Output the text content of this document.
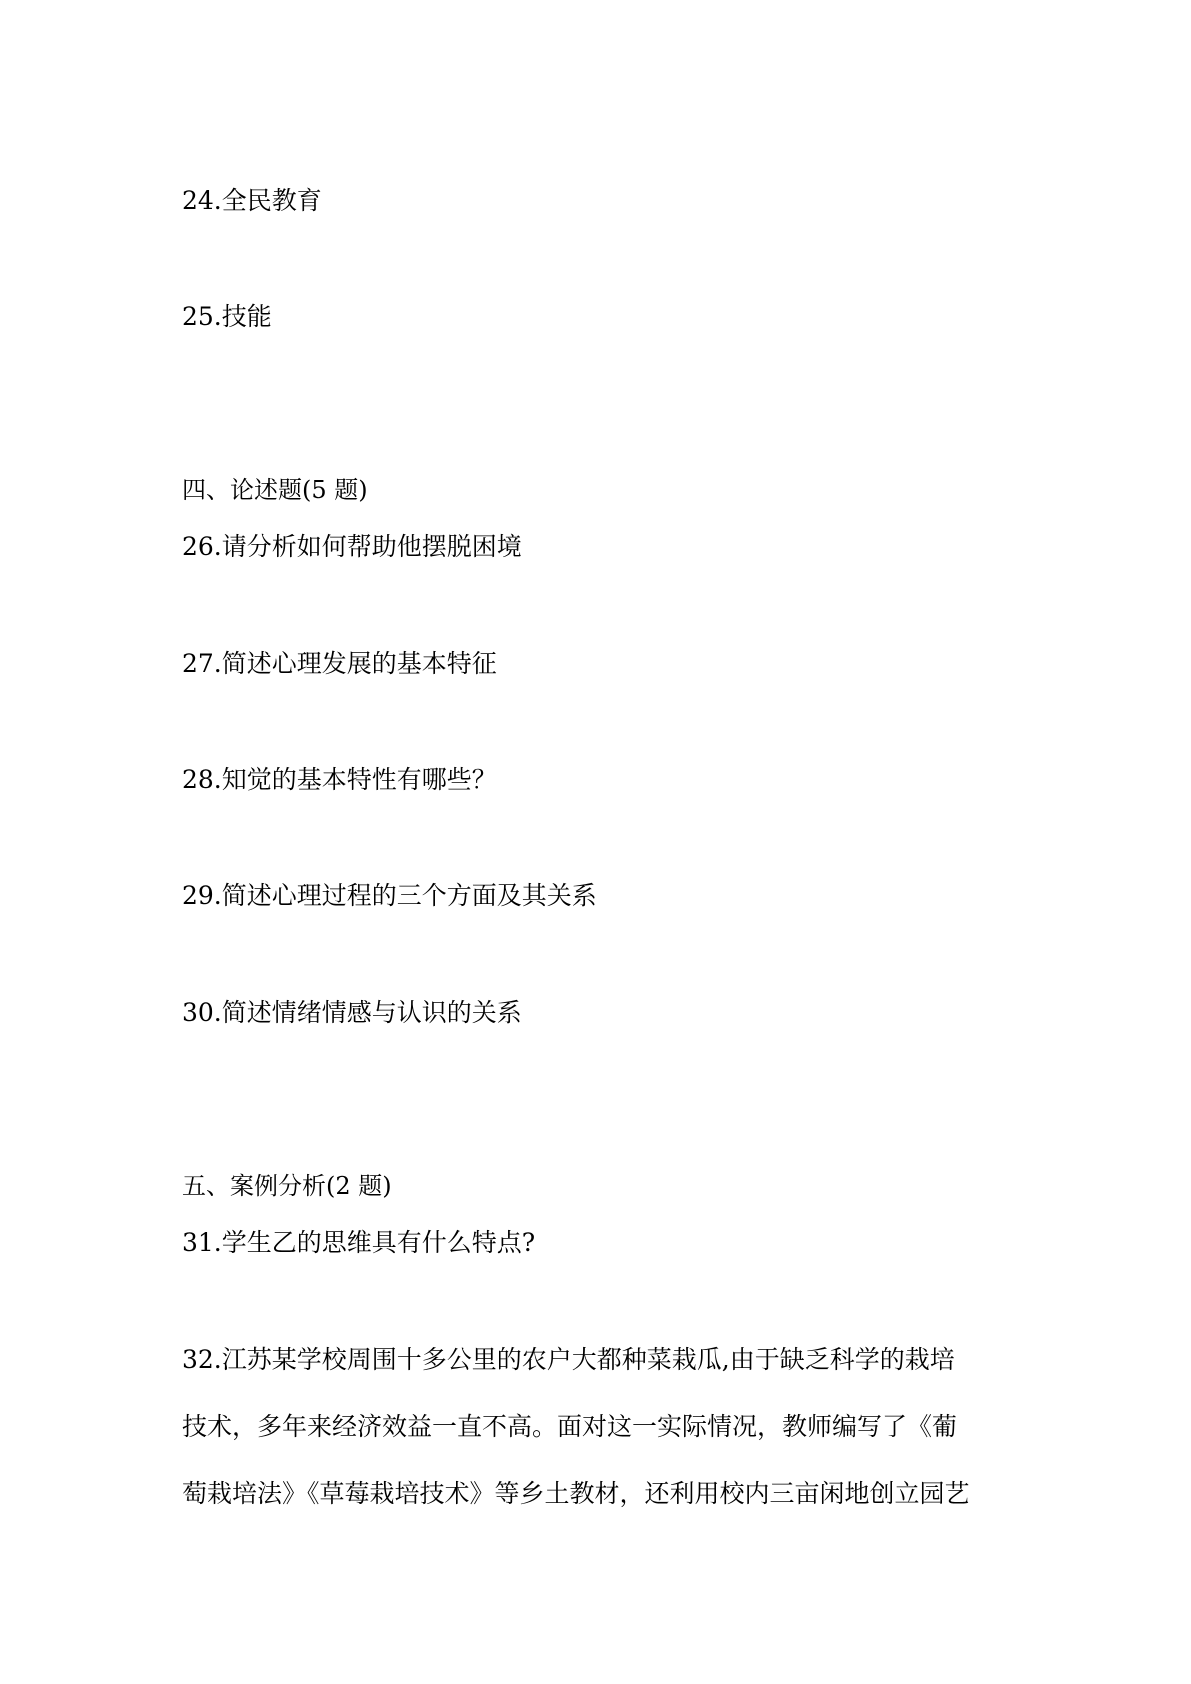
24.全民教育

25.技能

四、论述题(5 题)

26.请分析如何帮助他摆脱困境

27.简述心理发展的基本特征

28.知觉的基本特性有哪些？

29.简述心理过程的三个方面及其关系

30.简述情绪情感与认识的关系

五、案例分析(2 题)

31.学生乙的思维具有什么特点?

32.江苏某学校周围十多公里的农户大都种菜栽瓜,由于缺乏科学的栽培

技术，多年来经济效益一直不高。面对这一实际情况，教师编写了《葡

萄栽培法》《草莓栽培技术》等乡土教材，还利用校内三亩闲地创立园艺
